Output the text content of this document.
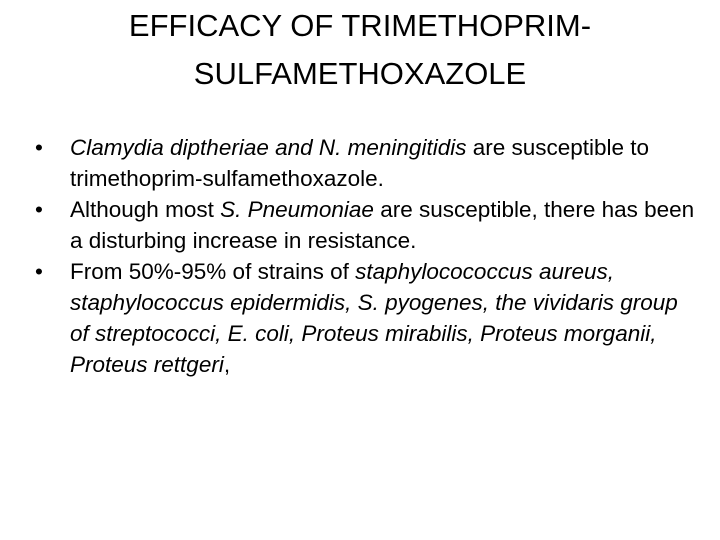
EFFICACY OF TRIMETHOPRIM-
SULFAMETHOXAZOLE
•	Clamydia diptheriae and N. meningitidis are susceptible to trimethoprim-sulfamethoxazole.
•	Although most S. Pneumoniae are susceptible, there has been a disturbing increase in resistance.
•	From 50%-95% of strains of staphylocococcus aureus, staphylococcus epidermidis, S. pyogenes, the vividaris group of streptococci, E. coli, Proteus mirabilis, Proteus morganii, Proteus rettgeri,
